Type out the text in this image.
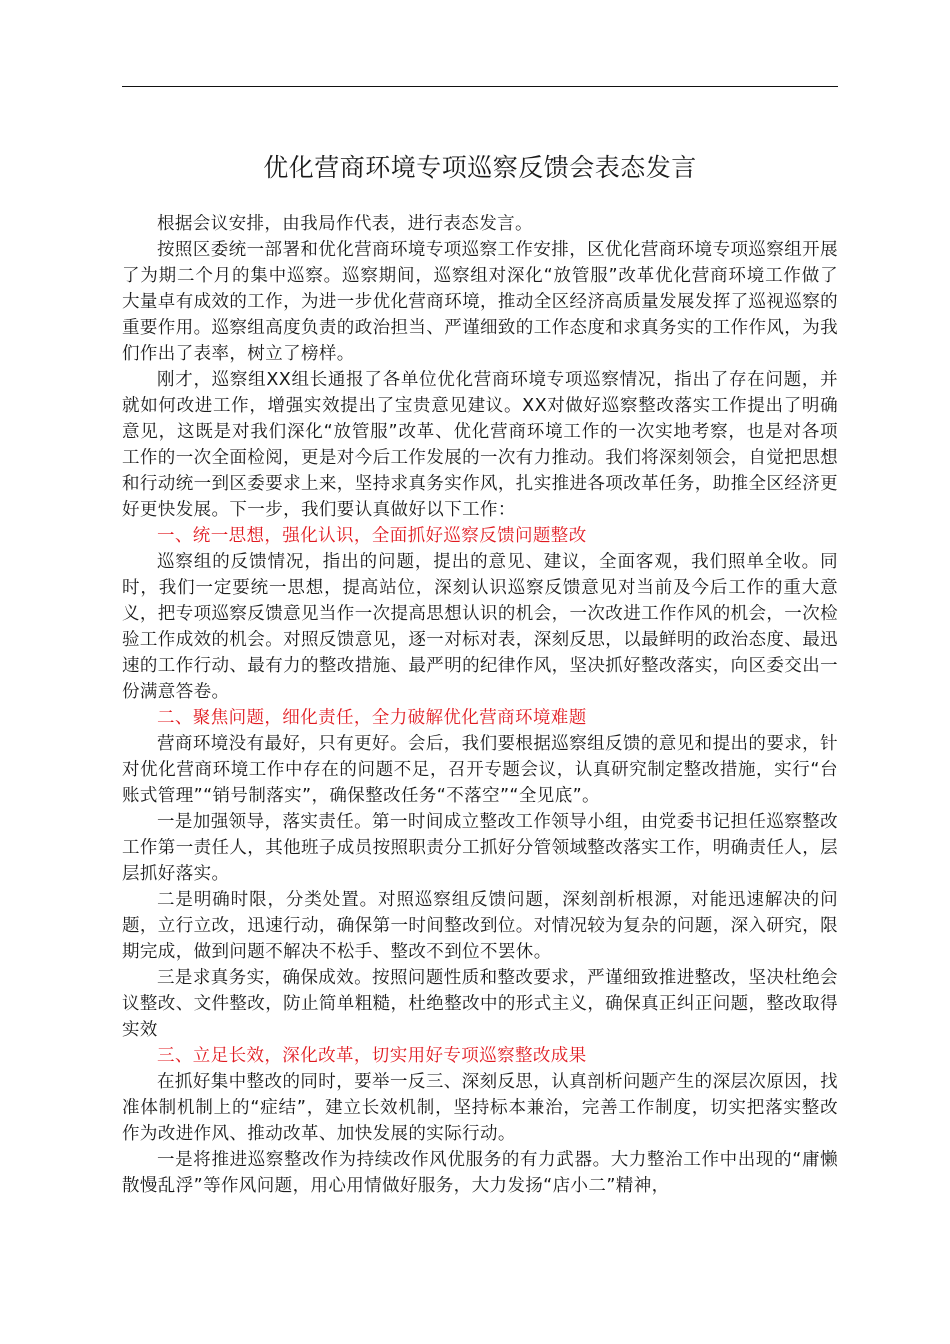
优化营商环境专项巡察反馈会表态发言

根据会议安排，由我局作代表，进行表态发言。

按照区委统一部署和优化营商环境专项巡察工作安排，区优化营商环境专项巡察组开展了为期二个月的集中巡察。巡察期间，巡察组对深化“放管服”改革优化营商环境工作做了大量卓有成效的工作，为进一步优化营商环境，推动全区经济高质量发展发挥了巡视巡察的重要作用。巡察组高度负责的政治担当、严谨细致的工作态度和求真务实的工作作风，为我们作出了表率，树立了榜样。

刚才，巡察组XX组长通报了各单位优化营商环境专项巡察情况，指出了存在问题，并就如何改进工作，增强实效提出了宝贵意见建议。XX对做好巡察整改落实工作提出了明确意见，这既是对我们深化“放管服”改革、优化营商环境工作的一次实地考察，也是对各项工作的一次全面检阅，更是对今后工作发展的一次有力推动。我们将深刻领会，自觉把思想和行动统一到区委要求上来，坚持求真务实作风，扎实推进各项改革任务，助推全区经济更好更快发展。下一步，我们要认真做好以下工作：

一、统一思想，强化认识，全面抓好巡察反馈问题整改

巡察组的反馈情况，指出的问题，提出的意见、建议，全面客观，我们照单全收。同时，我们一定要统一思想，提高站位，深刻认识巡察反馈意见对当前及今后工作的重大意义，把专项巡察反馈意见当作一次提高思想认识的机会，一次改进工作作风的机会，一次检验工作成效的机会。对照反馈意见，逐一对标对表，深刻反思，以最鲜明的政治态度、最迅速的工作行动、最有力的整改措施、最严明的纪律作风，坚决抓好整改落实，向区委交出一份满意答卷。

二、聚焦问题，细化责任，全力破解优化营商环境难题

营商环境没有最好，只有更好。会后，我们要根据巡察组反馈的意见和提出的要求，针对优化营商环境工作中存在的问题不足，召开专题会议，认真研究制定整改措施，实行“台账式管理”“销号制落实”，确保整改任务“不落空”“全见底”。

一是加强领导，落实责任。第一时间成立整改工作领导小组，由党委书记担任巡察整改工作第一责任人，其他班子成员按照职责分工抓好分管领域整改落实工作，明确责任人，层层抓好落实。

二是明确时限，分类处置。对照巡察组反馈问题，深刻剖析根源，对能迅速解决的问题，立行立改，迅速行动，确保第一时间整改到位。对情况较为复杂的问题，深入研究，限期完成，做到问题不解决不松手、整改不到位不罢休。

三是求真务实，确保成效。按照问题性质和整改要求，严谨细致推进整改，坚决杜绝会议整改、文件整改，防止简单粗糙，杜绝整改中的形式主义，确保真正纠正问题，整改取得实效

三、立足长效，深化改革，切实用好专项巡察整改成果

在抓好集中整改的同时，要举一反三、深刻反思，认真剖析问题产生的深层次原因，找准体制机制上的“症结”，建立长效机制，坚持标本兼治，完善工作制度，切实把落实整改作为改进作风、推动改革、加快发展的实际行动。

一是将推进巡察整改作为持续改作风优服务的有力武器。大力整治工作中出现的“庸懒散慢乱浮”等作风问题，用心用情做好服务，大力发扬“店小二”精神，
